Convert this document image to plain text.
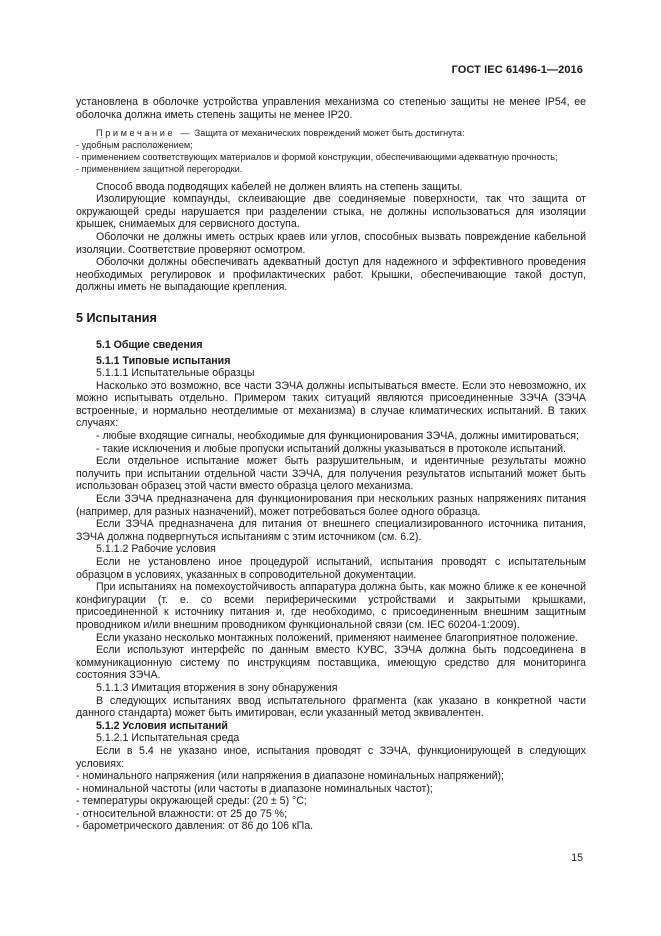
ГОСТ IEC 61496-1—2016

установлена в оболочке устройства управления механизма со степенью защиты не менее IP54, ее оболочка должна иметь степень защиты не менее IP20.

Примечание — Защита от механических повреждений может быть достигнута:

- удобным расположением;

- применением соответствующих материалов и формой конструкции, обеспечивающими адекватную прочность;

- применением защитной перегородки.

Способ ввода подводящих кабелей не должен влиять на степень защиты.

Изолирующие компаунды, склеивающие две соединяемые поверхности, так что защита от окружающей среды нарушается при разделении стыка, не должны использоваться для изоляции крышек, снимаемых для сервисного доступа.

Оболочки не должны иметь острых краев или углов, способных вызвать повреждение кабельной изоляции. Соответствие проверяют осмотром.

Оболочки должны обеспечивать адекватный доступ для надежного и эффективного проведения необходимых регулировок и профилактических работ. Крышки, обеспечивающие такой доступ, должны иметь не выпадающие крепления.

5 Испытания

5.1 Общие сведения

5.1.1 Типовые испытания

5.1.1.1 Испытательные образцы

Насколько это возможно, все части ЗЭЧА должны испытываться вместе. Если это невозможно, их можно испытывать отдельно. Примером таких ситуаций являются присоединенные ЗЭЧА (ЗЭЧА встроенные, и нормально неотделимые от механизма) в случае климатических испытаний. В таких случаях:

- любые входящие сигналы, необходимые для функционирования ЗЭЧА, должны имитироваться;

- такие исключения и любые пропуски испытаний должны указываться в протоколе испытаний.

Если отдельное испытание может быть разрушительным, и идентичные результаты можно получить при испытании отдельной части ЗЭЧА, для получения результатов испытаний может быть использован образец этой части вместо образца целого механизма.

Если ЗЭЧА предназначена для функционирования при нескольких разных напряжениях питания (например, для разных назначений), может потребоваться более одного образца.

Если ЗЭЧА предназначена для питания от внешнего специализированного источника питания, ЗЭЧА должна подвергнуться испытаниям с этим источником (см. 6.2).

5.1.1.2 Рабочие условия

Если не установлено иное процедурой испытаний, испытания проводят с испытательным образцом в условиях, указанных в сопроводительной документации.

При испытаниях на помехоустойчивость аппаратура должна быть, как можно ближе к ее конечной конфигурации (т. е. со всеми периферическими устройствами и закрытыми крышками, присоединенной к источнику питания и, где необходимо, с присоединенным внешним защитным проводником и/или внешним проводником функциональной связи (см. IEC 60204-1:2009).

Если указано несколько монтажных положений, применяют наименее благоприятное положение.

Если используют интерфейс по данным вместо КУВС, ЗЭЧА должна быть подсоединена в коммуникационную систему по инструкциям поставщика, имеющую средство для мониторинга состояния ЗЭЧА.

5.1.1.3 Имитация вторжения в зону обнаружения

В следующих испытаниях ввод испытательного фрагмента (как указано в конкретной части данного стандарта) может быть имитирован, если указанный метод эквивалентен.

5.1.2 Условия испытаний

5.1.2.1 Испытательная среда

Если в 5.4 не указано иное, испытания проводят с ЗЭЧА, функционирующей в следующих условиях:

- номинального напряжения (или напряжения в диапазоне номинальных напряжений);

- номинальной частоты (или частоты в диапазоне номинальных частот);

- температуры окружающей среды: (20 ± 5) °С;

- относительной влажности: от 25 до 75 %;

- барометрического давления: от 86 до 106 кПа.

15
